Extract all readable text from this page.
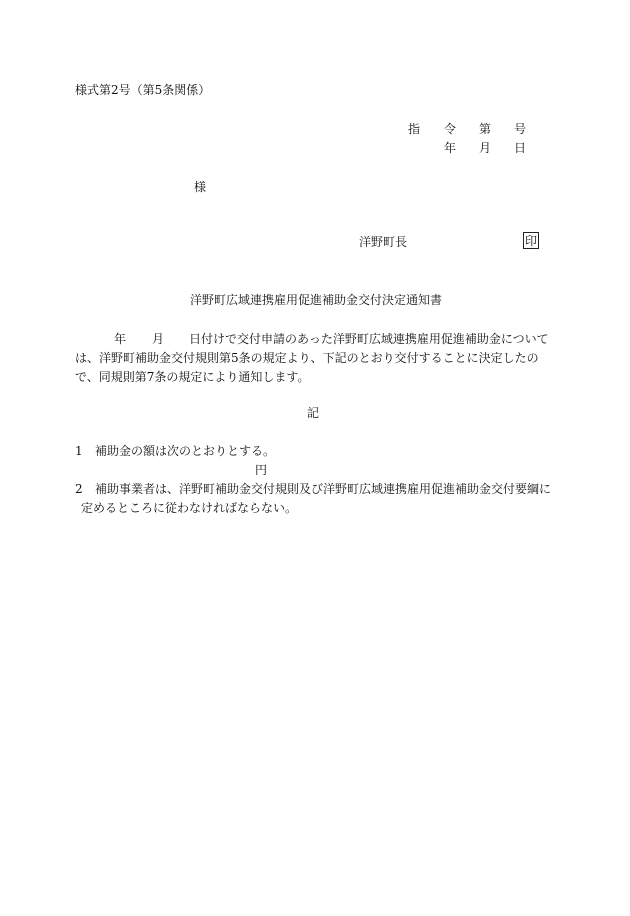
様式第2号（第5条関係）
指 令 第 号
年 月 日
様
洋野町長	印
洋野町広域連携雇用促進補助金交付決定通知書
年 月 日付けで交付申請のあった洋野町広域連携雇用促進補助金について
は、洋野町補助金交付規則第5条の規定より、下記のとおり交付することに決定したの
で、同規則第7条の規定により通知します。
記
1 補助金の額は次のとおりとする。
円
2 補助事業者は、洋野町補助金交付規則及び洋野町広域連携雇用促進補助金交付要綱に
定めるところに従わなければならない。
